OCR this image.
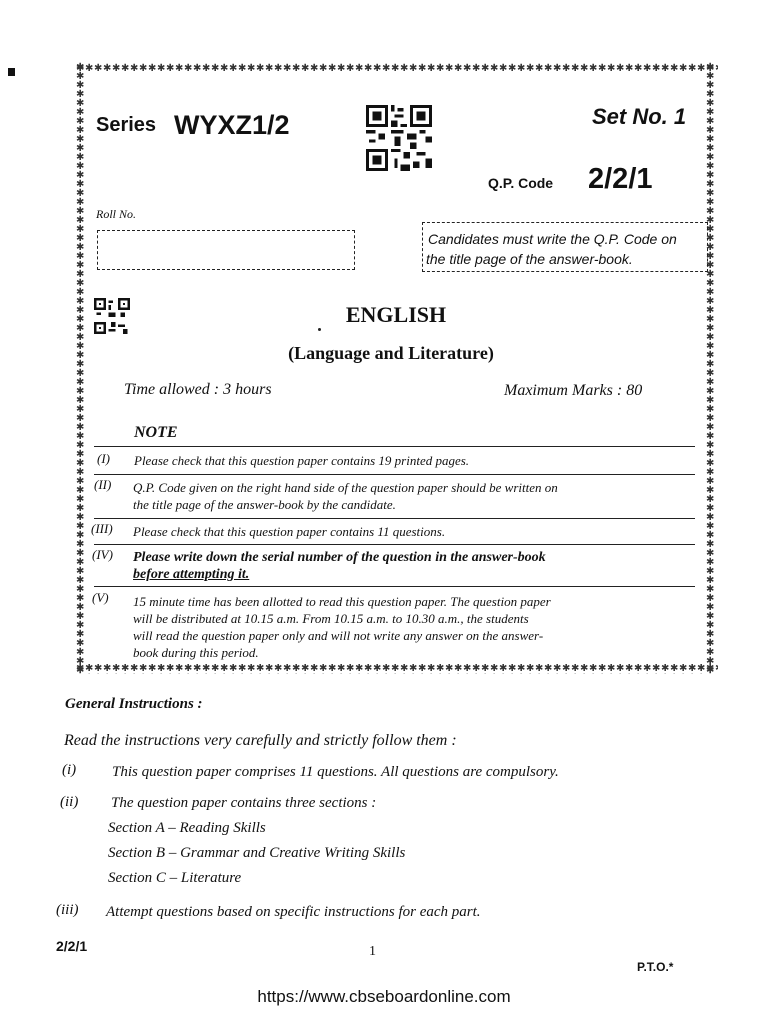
Series WYXZ1/2	Set No. 1
Q.P. Code 2/2/1
Roll No.
Candidates must write the Q.P. Code on
the title page of the answer-book.
ENGLISH
(Language and Literature)
Time allowed : 3 hours	Maximum Marks : 80
NOTE
(I) Please check that this question paper contains 19 printed pages.
(II) Q.P. Code given on the right hand side of the question paper should be written on
the title page of the answer-book by the candidate.
(III) Please check that this question paper contains 11 questions.
(IV) Please write down the serial number of the question in the answer-book
before attempting it.
(V) 15 minute time has been allotted to read this question paper. The question paper
will be distributed at 10.15 a.m. From 10.15 a.m. to 10.30 a.m., the students
will read the question paper only and will not write any answer on the answer-
book during this period.
General Instructions :
Read the instructions very carefully and strictly follow them :
(i) This question paper comprises 11 questions. All questions are compulsory.
(ii) The question paper contains three sections :
Section A – Reading Skills
Section B – Grammar and Creative Writing Skills
Section C – Literature
(iii) Attempt questions based on specific instructions for each part.
2/2/1	1
P.T.O.*
https://www.cbseboardonline.com
